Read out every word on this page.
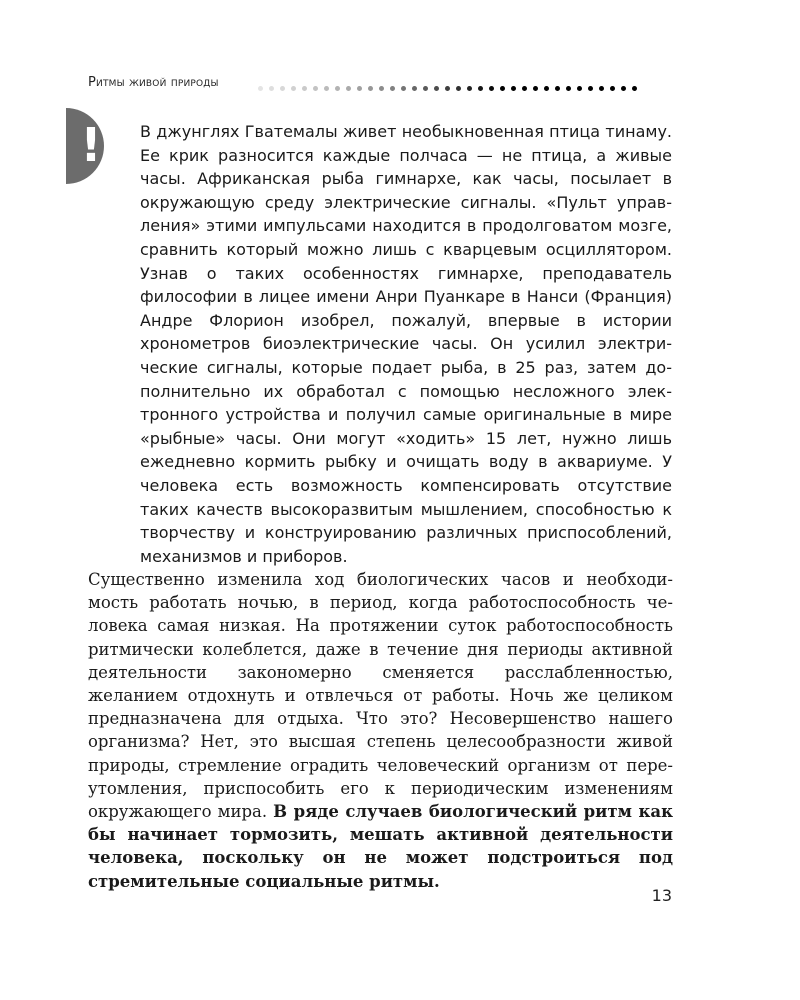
Ритмы живой природы
! В джунглях Гватемалы живет необыкновенная птица тинаму. Ее крик разносится каждые полчаса — не птица, а живые часы. Африканская рыба гимнархе, как часы, посылает в окружающую среду электрические сигналы. «Пульт управления» этими импульсами находится в продолговатом мозге, сравнить который можно лишь с кварцевым осциллятором. Узнав о таких особенностях гимнархе, преподаватель философии в лицее имени Анри Пуанкаре в Нанси (Франция) Андре Флорион изобрел, пожалуй, впервые в истории хронометров биоэлектрические часы. Он усилил электрические сигналы, которые подает рыба, в 25 раз, затем дополнительно их обработал с помощью несложного электронного устройства и получил самые оригинальные в мире «рыбные» часы. Они могут «ходить» 15 лет, нужно лишь ежедневно кормить рыбку и очищать воду в аквариуме. У человека есть возможность компенсировать отсутствие таких качеств высокоразвитым мышлением, способностью к творчеству и конструированию различных приспособлений, механизмов и приборов.

Существенно изменила ход биологических часов и необходимость работать ночью, в период, когда работоспособность человека самая низкая. На протяжении суток работоспособность ритмически колеблется, даже в течение дня периоды активной деятельности закономерно сменяется расслабленностью, желанием отдохнуть и отвлечься от работы. Ночь же целиком предназначена для отдыха. Что это? Несовершенство нашего организма? Нет, это высшая степень целесообразности живой природы, стремление оградить человеческий организм от переутомления, приспособить его к периодическим изменениям окружающего мира. В ряде случаев биологический ритм как бы начинает тормозить, мешать активной деятельности человека, поскольку он не может подстроиться под стремительные социальные ритмы.

13
